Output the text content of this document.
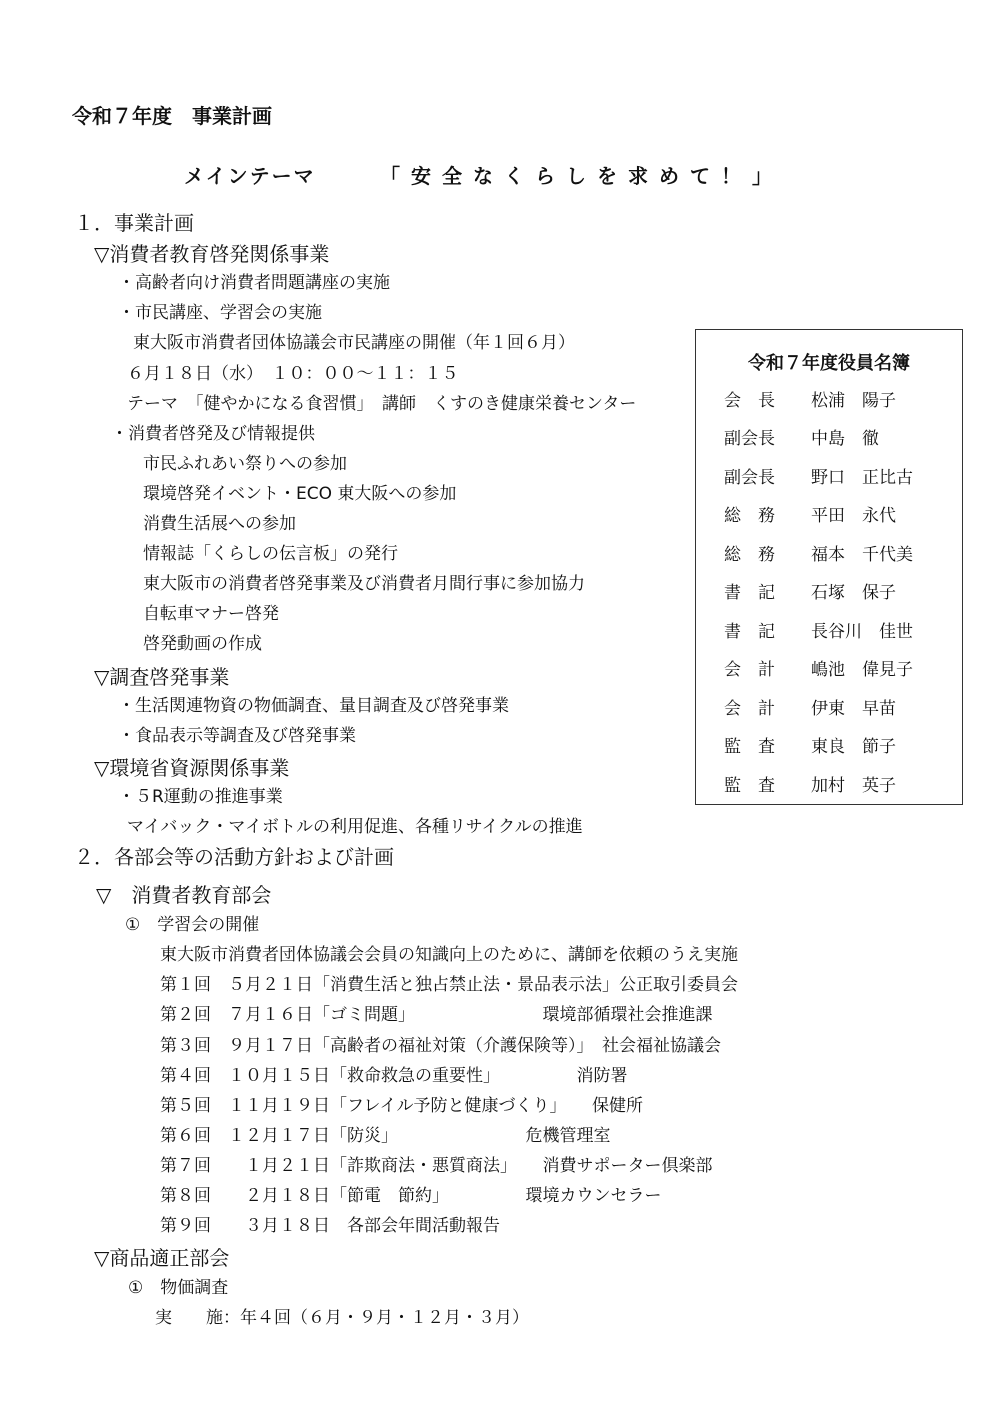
令和７年度　事業計画
メインテーマ	「安全なくらしを求めて！」
１．事業計画
▽消費者教育啓発関係事業
・高齢者向け消費者問題講座の実施
・市民講座、学習会の実施
東大阪市消費者団体協議会市民講座の開催（年１回６月）
６月１８日（水）　１０：００～１１：１５
テーマ　「健やかになる食習慣」　講師　くすのき健康栄養センター
・消費者啓発及び情報提供
市民ふれあい祭りへの参加
環境啓発イベント・ECO 東大阪への参加
消費生活展への参加
情報誌「くらしの伝言板」の発行
東大阪市の消費者啓発事業及び消費者月間行事に参加協力
自転車マナー啓発
啓発動画の作成
▽調査啓発事業
・生活関連物資の物価調査、量目調査及び啓発事業
・食品表示等調査及び啓発事業
▽環境省資源関係事業
・５R運動の推進事業
マイバック・マイボトルの利用促進、各種リサイクルの推進
２．各部会等の活動方針および計画
▽　消費者教育部会
①　学習会の開催
東大阪市消費者団体協議会会員の知識向上のために、講師を依頼のうえ実施
第１回　５月２１日「消費生活と独占禁止法・景品表示法」公正取引委員会
第２回　７月１６日「ゴミ問題」　　　　　　　　環境部循環社会推進課
第３回　９月１７日「高齢者の福祉対策（介護保険等）」　社会福祉協議会
第４回　１０月１５日「救命救急の重要性」　　　　　消防署
第５回　１１月１９日「フレイル予防と健康づくり」　　保健所
第６回　１２月１７日「防災」　　　　　　　　危機管理室
第７回　　１月２１日「詐欺商法・悪質商法」　　消費サポーター倶楽部
第８回　　２月１８日「節電　節約」　　　　　環境カウンセラー
第９回　　３月１８日　各部会年間活動報告
▽商品適正部会
①　物価調査
実　　施：年４回（６月・９月・１２月・３月）
令和７年度役員名簿
会　長 松浦　陽子
副会長 中島　徹
副会長 野口　正比古
総　務 平田　永代
総　務 福本　千代美
書　記 石塚　保子
書　記 長谷川　佳世
会　計 嶋池　偉見子
会　計 伊東　早苗
監　査 東良　節子
監　査 加村　英子
